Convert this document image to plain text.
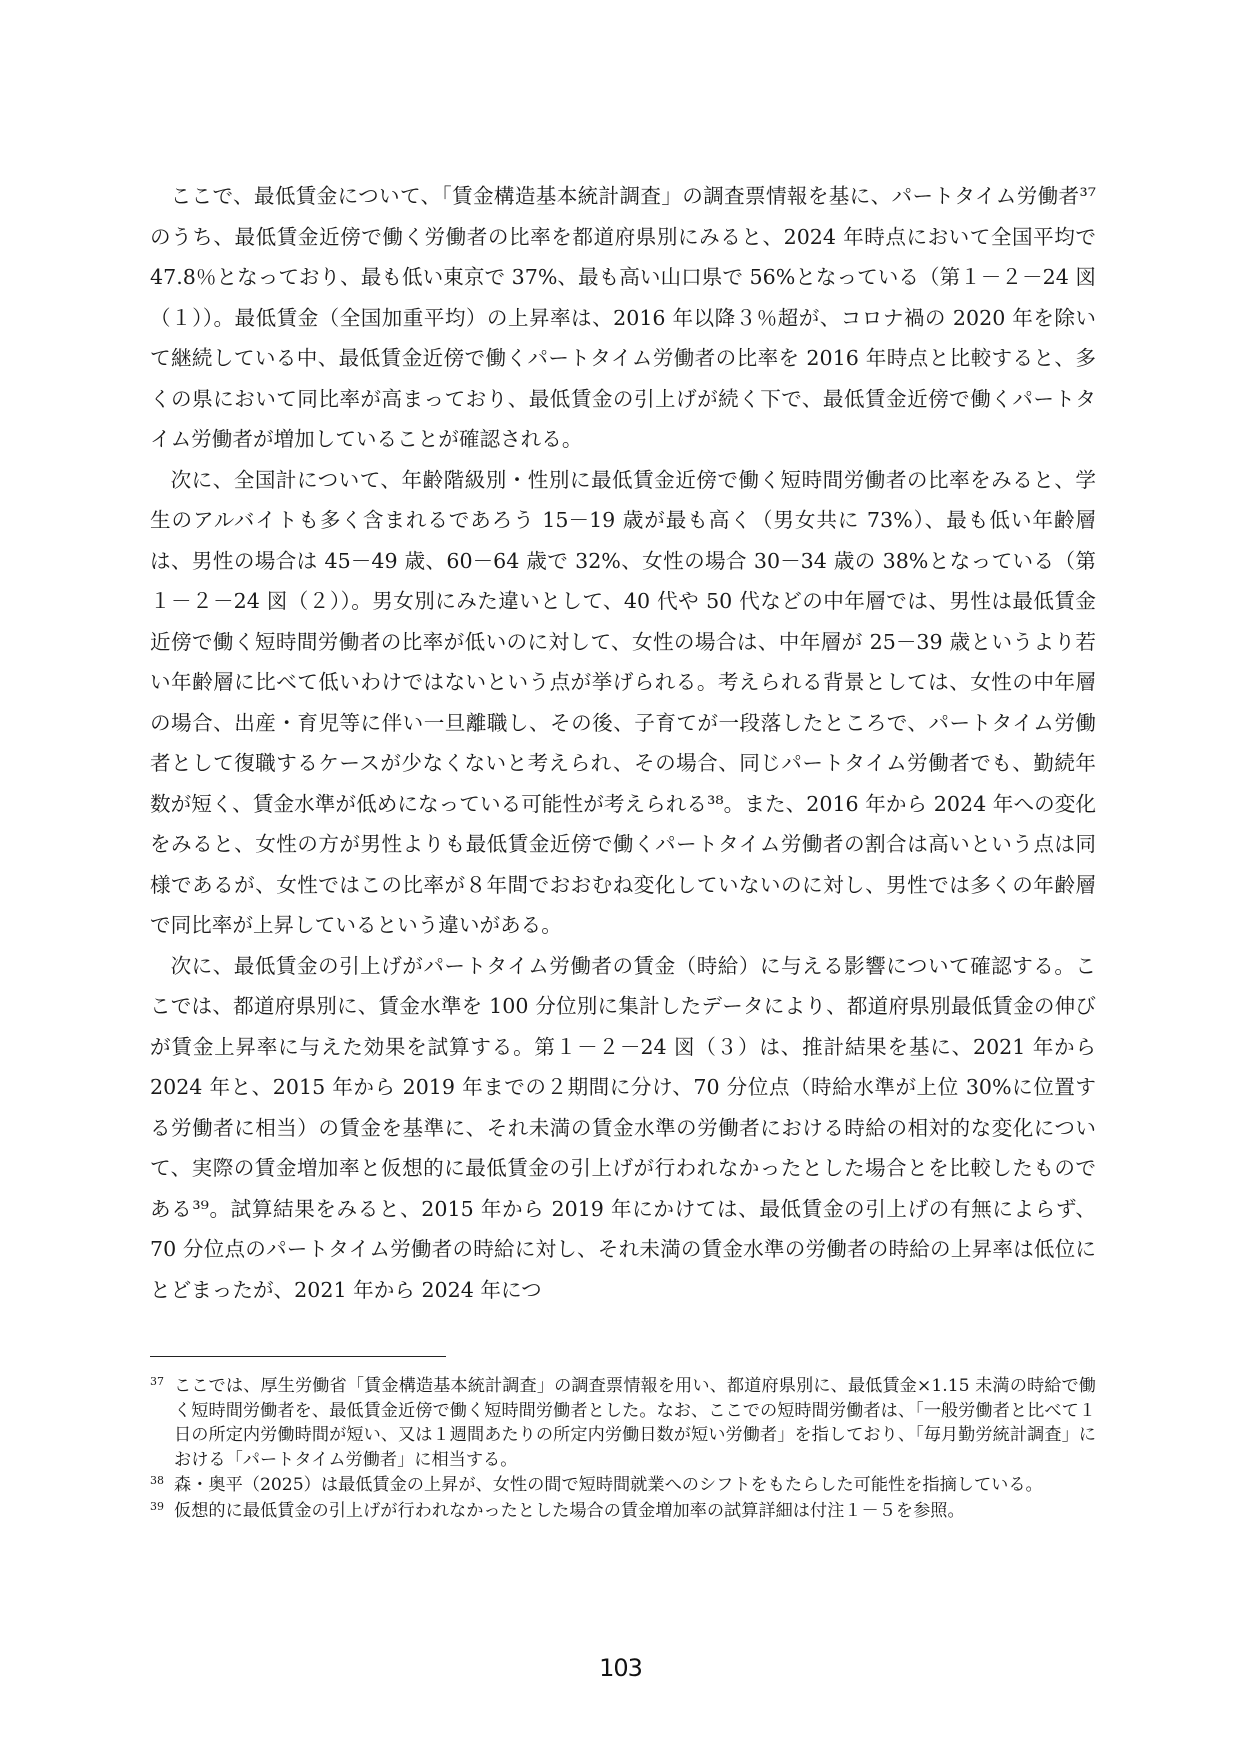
ここで、最低賃金について、「賃金構造基本統計調査」の調査票情報を基に、パートタイム労働者³⁷のうち、最低賃金近傍で働く労働者の比率を都道府県別にみると、2024 年時点において全国平均で 47.8％となっており、最も低い東京で 37%、最も高い山口県で 56%となっている（第１－２－24 図（１））。最低賃金（全国加重平均）の上昇率は、2016 年以降３％超が、コロナ禍の 2020 年を除いて継続している中、最低賃金近傍で働くパートタイム労働者の比率を 2016 年時点と比較すると、多くの県において同比率が高まっており、最低賃金の引上げが続く下で、最低賃金近傍で働くパートタイム労働者が増加していることが確認される。

次に、全国計について、年齢階級別・性別に最低賃金近傍で働く短時間労働者の比率をみると、学生のアルバイトも多く含まれるであろう 15－19 歳が最も高く（男女共に 73%）、最も低い年齢層は、男性の場合は 45－49 歳、60－64 歳で 32%、女性の場合 30－34 歳の 38%となっている（第１－２－24 図（２））。男女別にみた違いとして、40 代や 50 代などの中年層では、男性は最低賃金近傍で働く短時間労働者の比率が低いのに対して、女性の場合は、中年層が 25－39 歳というより若い年齢層に比べて低いわけではないという点が挙げられる。考えられる背景としては、女性の中年層の場合、出産・育児等に伴い一旦離職し、その後、子育てが一段落したところで、パートタイム労働者として復職するケースが少なくないと考えられ、その場合、同じパートタイム労働者でも、勤続年数が短く、賃金水準が低めになっている可能性が考えられる³⁸。また、2016 年から 2024 年への変化をみると、女性の方が男性よりも最低賃金近傍で働くパートタイム労働者の割合は高いという点は同様であるが、女性ではこの比率が８年間でおおむね変化していないのに対し、男性では多くの年齢層で同比率が上昇しているという違いがある。

次に、最低賃金の引上げがパートタイム労働者の賃金（時給）に与える影響について確認する。ここでは、都道府県別に、賃金水準を 100 分位別に集計したデータにより、都道府県別最低賃金の伸びが賃金上昇率に与えた効果を試算する。第１－２－24 図（３）は、推計結果を基に、2021 年から 2024 年と、2015 年から 2019 年までの２期間に分け、70 分位点（時給水準が上位 30%に位置する労働者に相当）の賃金を基準に、それ未満の賃金水準の労働者における時給の相対的な変化について、実際の賃金増加率と仮想的に最低賃金の引上げが行われなかったとした場合とを比較したものである³⁹。試算結果をみると、2015 年から 2019 年にかけては、最低賃金の引上げの有無によらず、70 分位点のパートタイム労働者の時給に対し、それ未満の賃金水準の労働者の時給の上昇率は低位にとどまったが、2021 年から 2024 年につ

37 ここでは、厚生労働省「賃金構造基本統計調査」の調査票情報を用い、都道府県別に、最低賃金×1.15 未満の時給で働く短時間労働者を、最低賃金近傍で働く短時間労働者とした。なお、ここでの短時間労働者は、「一般労働者と比べて１日の所定内労働時間が短い、又は１週間あたりの所定内労働日数が短い労働者」を指しており、「毎月勤労統計調査」における「パートタイム労働者」に相当する。
38 森・奥平（2025）は最低賃金の上昇が、女性の間で短時間就業へのシフトをもたらした可能性を指摘している。
39 仮想的に最低賃金の引上げが行われなかったとした場合の賃金増加率の試算詳細は付注１－５を参照。
103
